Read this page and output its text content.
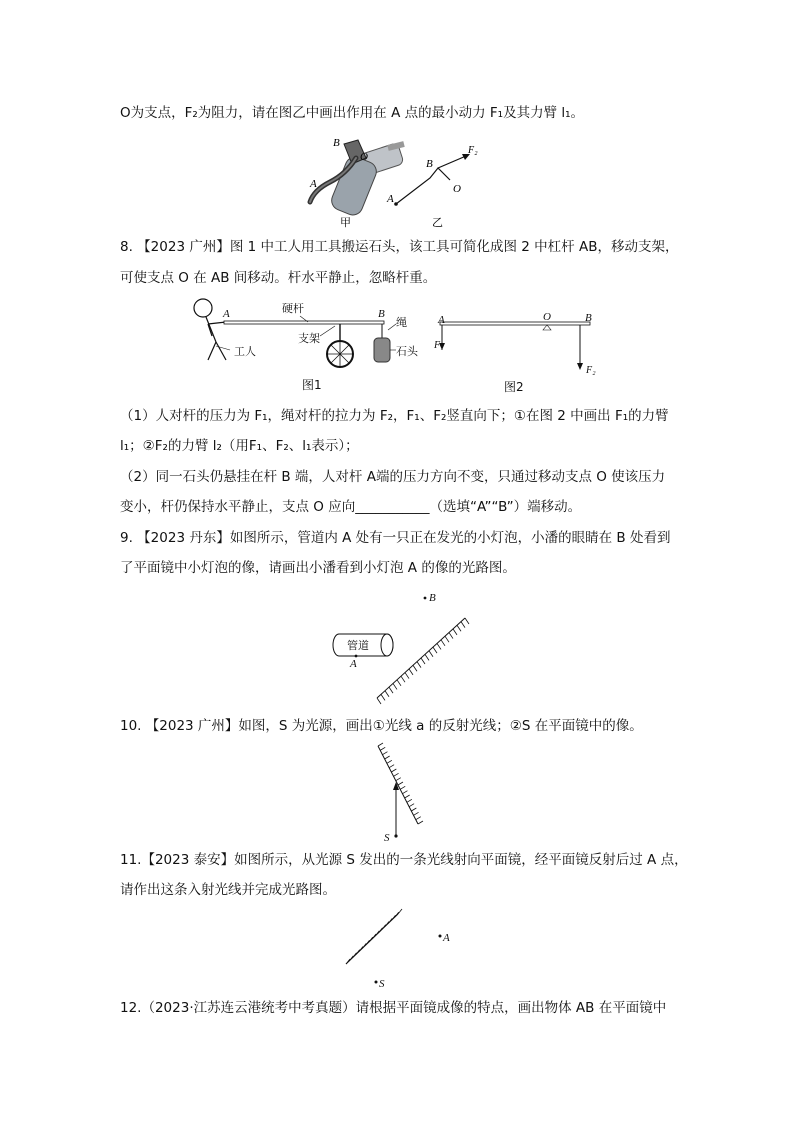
O为支点，F₂为阻力，请在图乙中画出作用在 A 点的最小动力 F₁及其力臂 l₁。
B
O
A
甲
B
O
A
F₂
乙
8. 【2023 广州】图 1 中工人用工具搬运石头，该工具可简化成图 2 中杠杆 AB，移动支架，
可使支点 O 在 AB 间移动。杆水平静止，忽略杆重。
A	B
硬杆
绳
支架
工人	石头
图1
A	O	B
F₁
F₂
图2
（1）人对杆的压力为 F₁，绳对杆的拉力为 F₂，F₁、F₂竖直向下；①在图 2 中画出 F₁的力臂
l₁；②F₂的力臂 l₂（用F₁、F₂、l₁表示）；
（2）同一石头仍悬挂在杆 B 端，人对杆 A端的压力方向不变，只通过移动支点 O 使该压力
变小，杆仍保持水平静止，支点 O 应向___________（选填“A”“B”）端移动。
9. 【2023 丹东】如图所示，管道内 A 处有一只正在发光的小灯泡，小潘的眼睛在 B 处看到
了平面镜中小灯泡的像，请画出小潘看到小灯泡 A 的像的光路图。
B
管道
A
10. 【2023 广州】如图，S 为光源，画出①光线 a 的反射光线；②S 在平面镜中的像。
S
11.【2023 泰安】如图所示，从光源 S 发出的一条光线射向平面镜，经平面镜反射后过 A 点，
请作出这条入射光线并完成光路图。
A
S
12.（2023·江苏连云港统考中考真题）请根据平面镜成像的特点，画出物体 AB 在平面镜中
